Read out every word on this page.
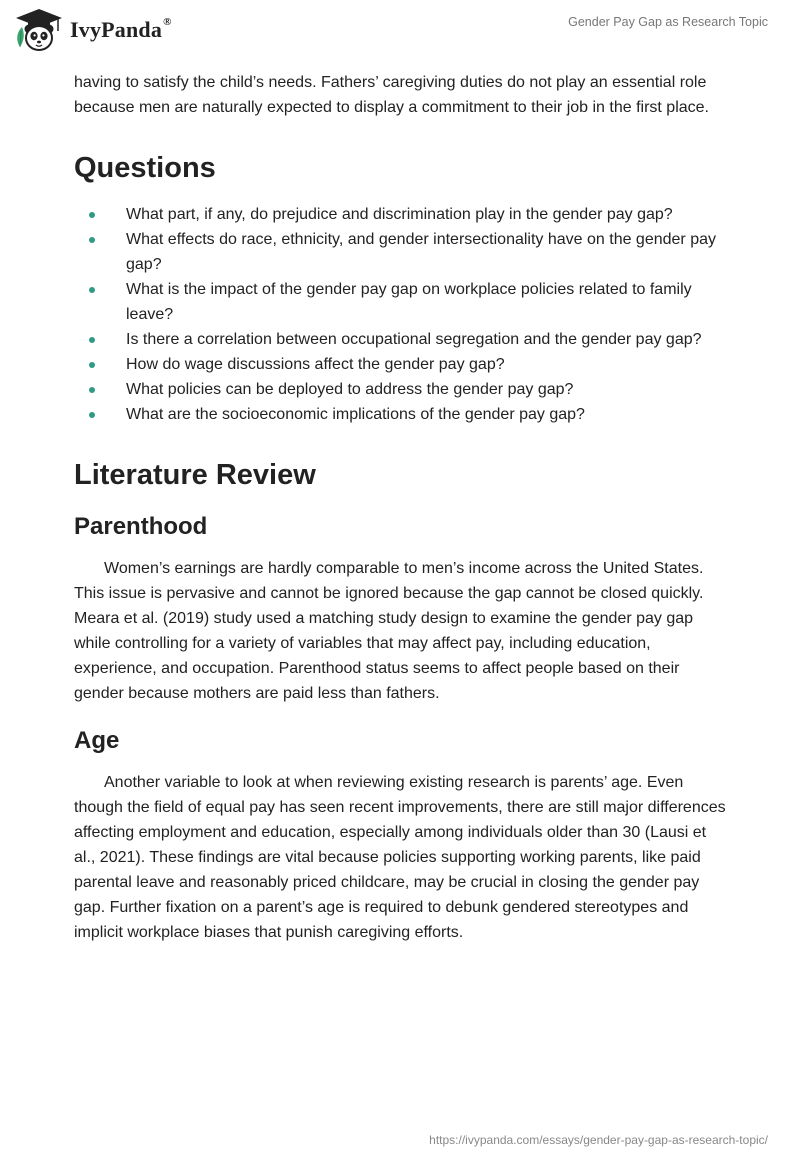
IvyPanda®	Gender Pay Gap as Research Topic

having to satisfy the child’s needs. Fathers’ caregiving duties do not play an essential role because men are naturally expected to display a commitment to their job in the first place.

Questions
What part, if any, do prejudice and discrimination play in the gender pay gap?
What effects do race, ethnicity, and gender intersectionality have on the gender pay gap?
What is the impact of the gender pay gap on workplace policies related to family leave?
Is there a correlation between occupational segregation and the gender pay gap?
How do wage discussions affect the gender pay gap?
What policies can be deployed to address the gender pay gap?
What are the socioeconomic implications of the gender pay gap?
Literature Review
Parenthood

Women’s earnings are hardly comparable to men’s income across the United States. This issue is pervasive and cannot be ignored because the gap cannot be closed quickly. Meara et al. (2019) study used a matching study design to examine the gender pay gap while controlling for a variety of variables that may affect pay, including education, experience, and occupation. Parenthood status seems to affect people based on their gender because mothers are paid less than fathers.

Age

Another variable to look at when reviewing existing research is parents’ age. Even though the field of equal pay has seen recent improvements, there are still major differences affecting employment and education, especially among individuals older than 30 (Lausi et al., 2021). These findings are vital because policies supporting working parents, like paid parental leave and reasonably priced childcare, may be crucial in closing the gender pay gap. Further fixation on a parent’s age is required to debunk gendered stereotypes and implicit workplace biases that punish caregiving efforts.

https://ivypanda.com/essays/gender-pay-gap-as-research-topic/
